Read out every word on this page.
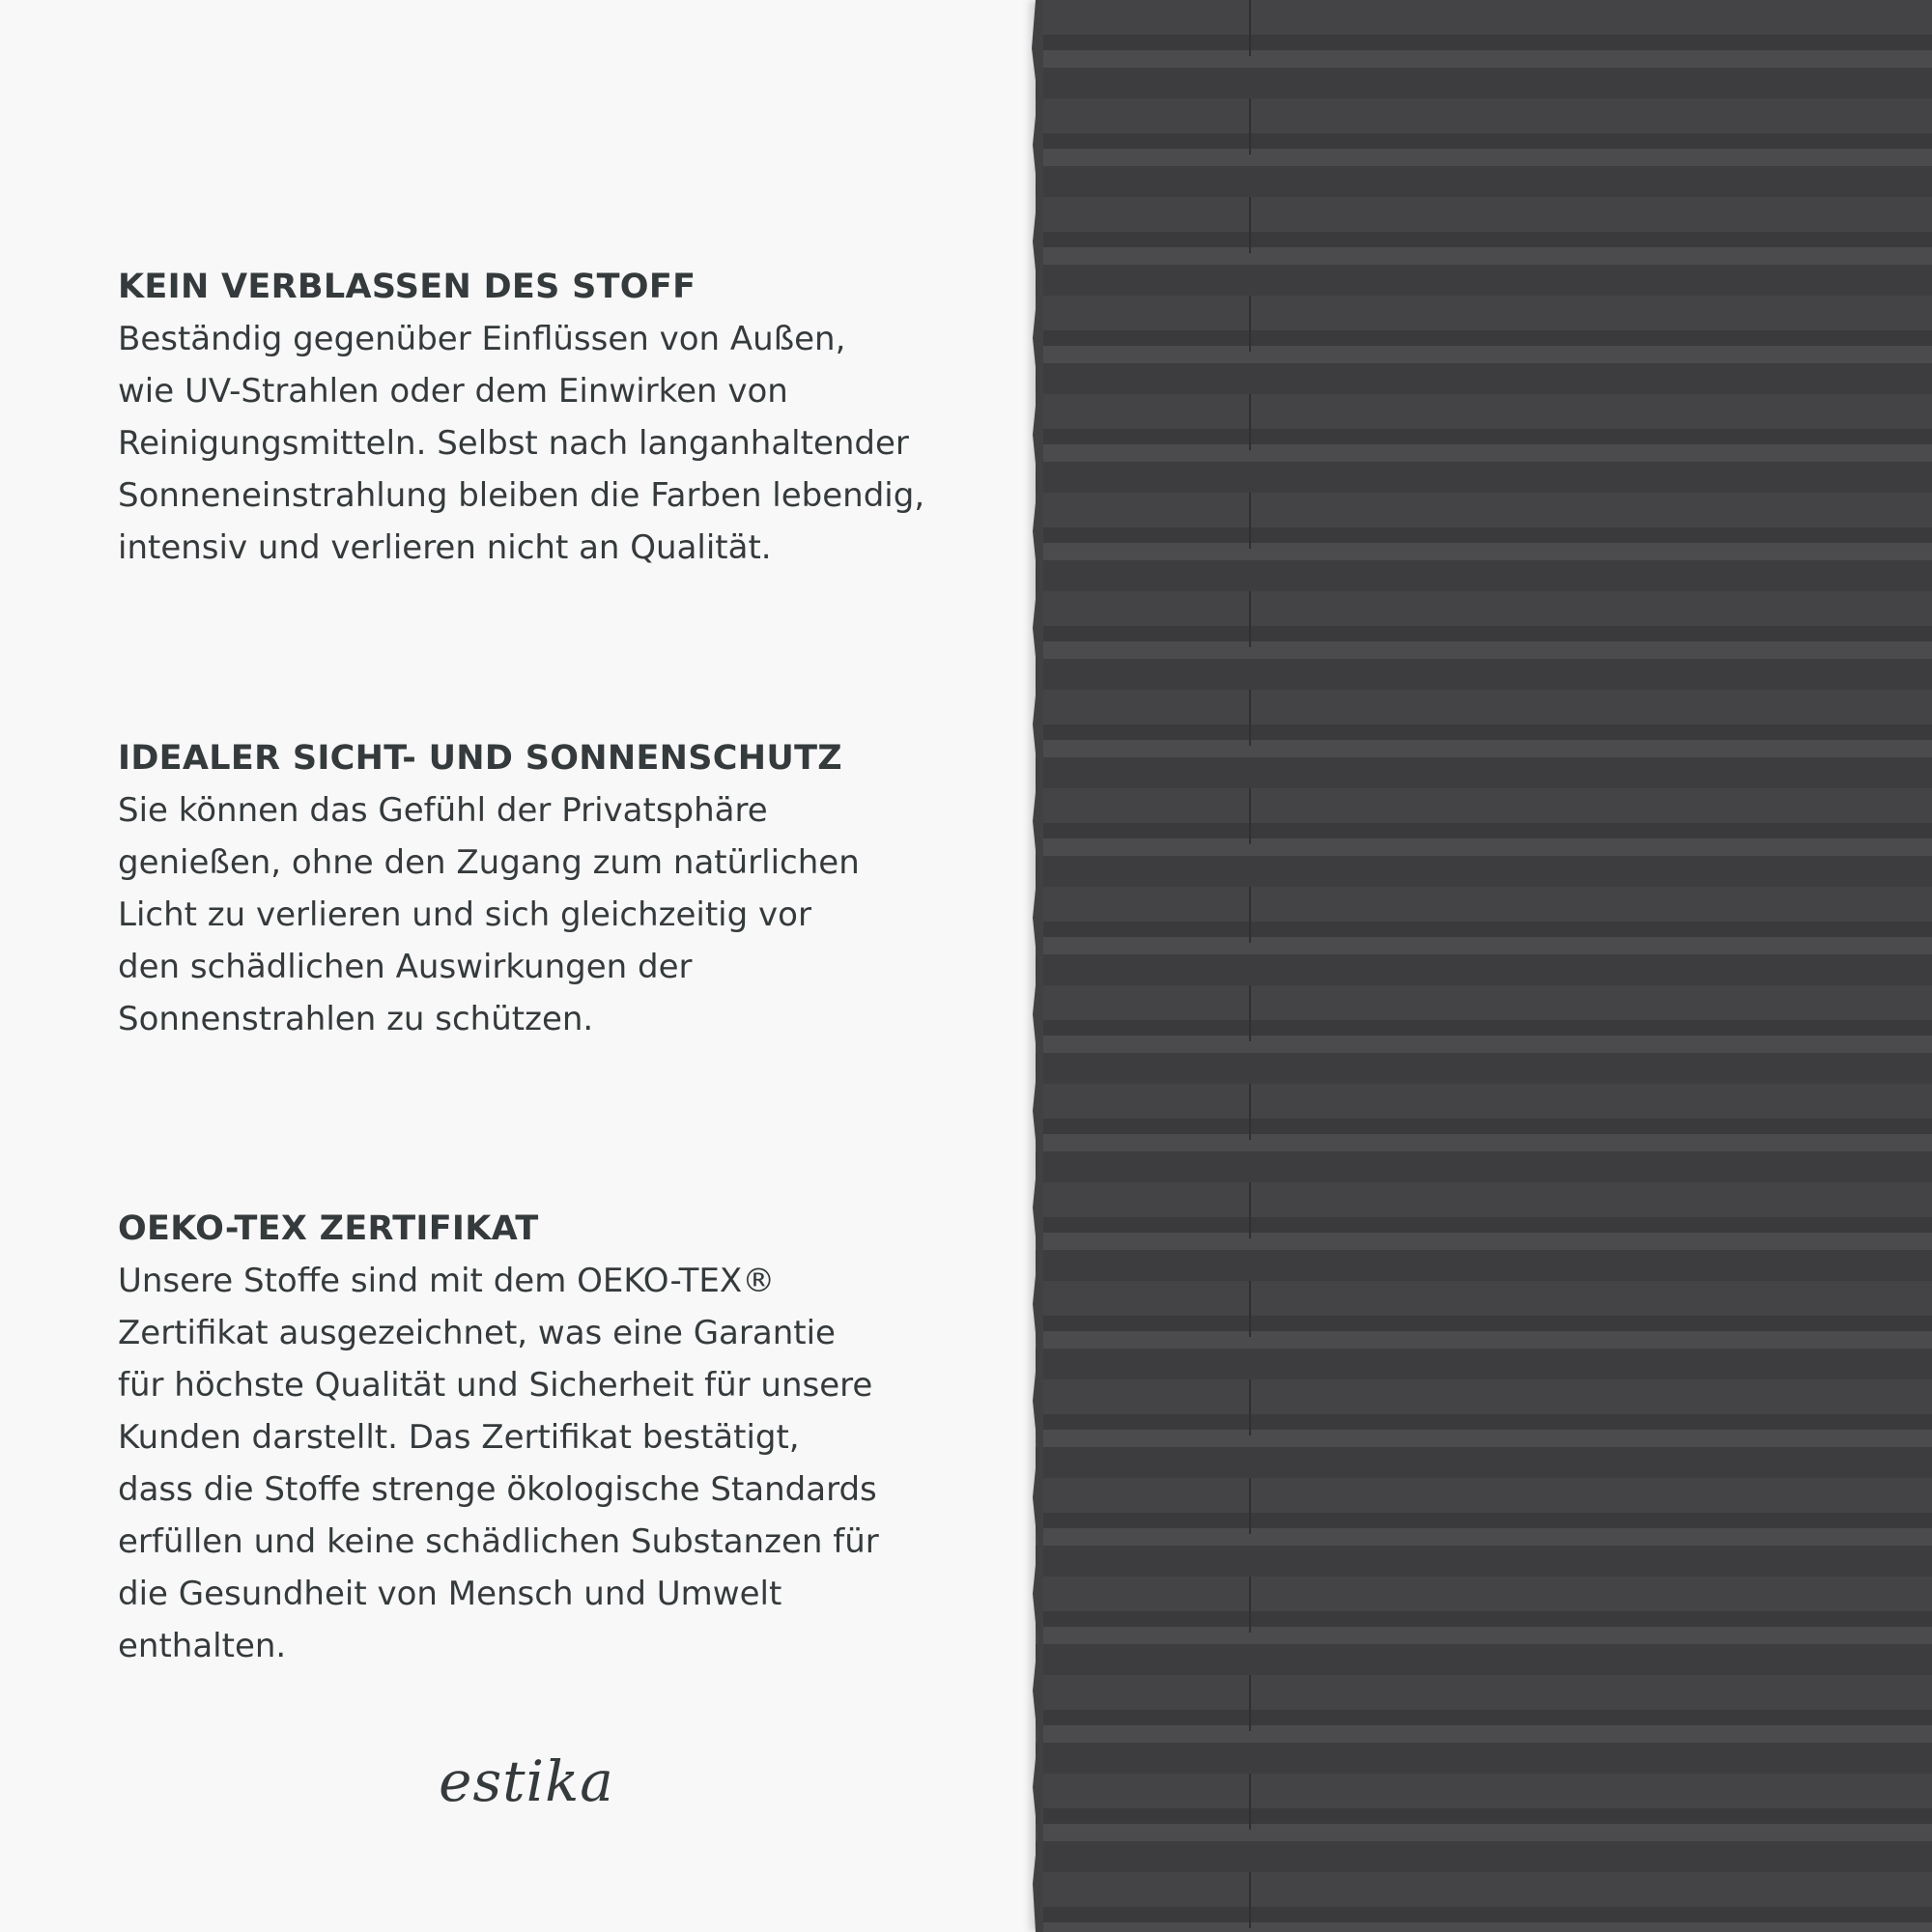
KEIN VERBLASSEN DES STOFF

Beständig gegenüber Einflüssen von Außen,
wie UV-Strahlen oder dem Einwirken von
Reinigungsmitteln. Selbst nach langanhaltender
Sonneneinstrahlung bleiben die Farben lebendig,
intensiv und verlieren nicht an Qualität.

IDEALER SICHT- UND SONNENSCHUTZ

Sie können das Gefühl der Privatsphäre
genießen, ohne den Zugang zum natürlichen
Licht zu verlieren und sich gleichzeitig vor
den schädlichen Auswirkungen der
Sonnenstrahlen zu schützen.

OEKO-TEX ZERTIFIKAT

Unsere Stoffe sind mit dem OEKO-TEX®
Zertifikat ausgezeichnet, was eine Garantie
für höchste Qualität und Sicherheit für unsere
Kunden darstellt. Das Zertifikat bestätigt,
dass die Stoffe strenge ökologische Standards
erfüllen und keine schädlichen Substanzen für
die Gesundheit von Mensch und Umwelt
enthalten.

estika
